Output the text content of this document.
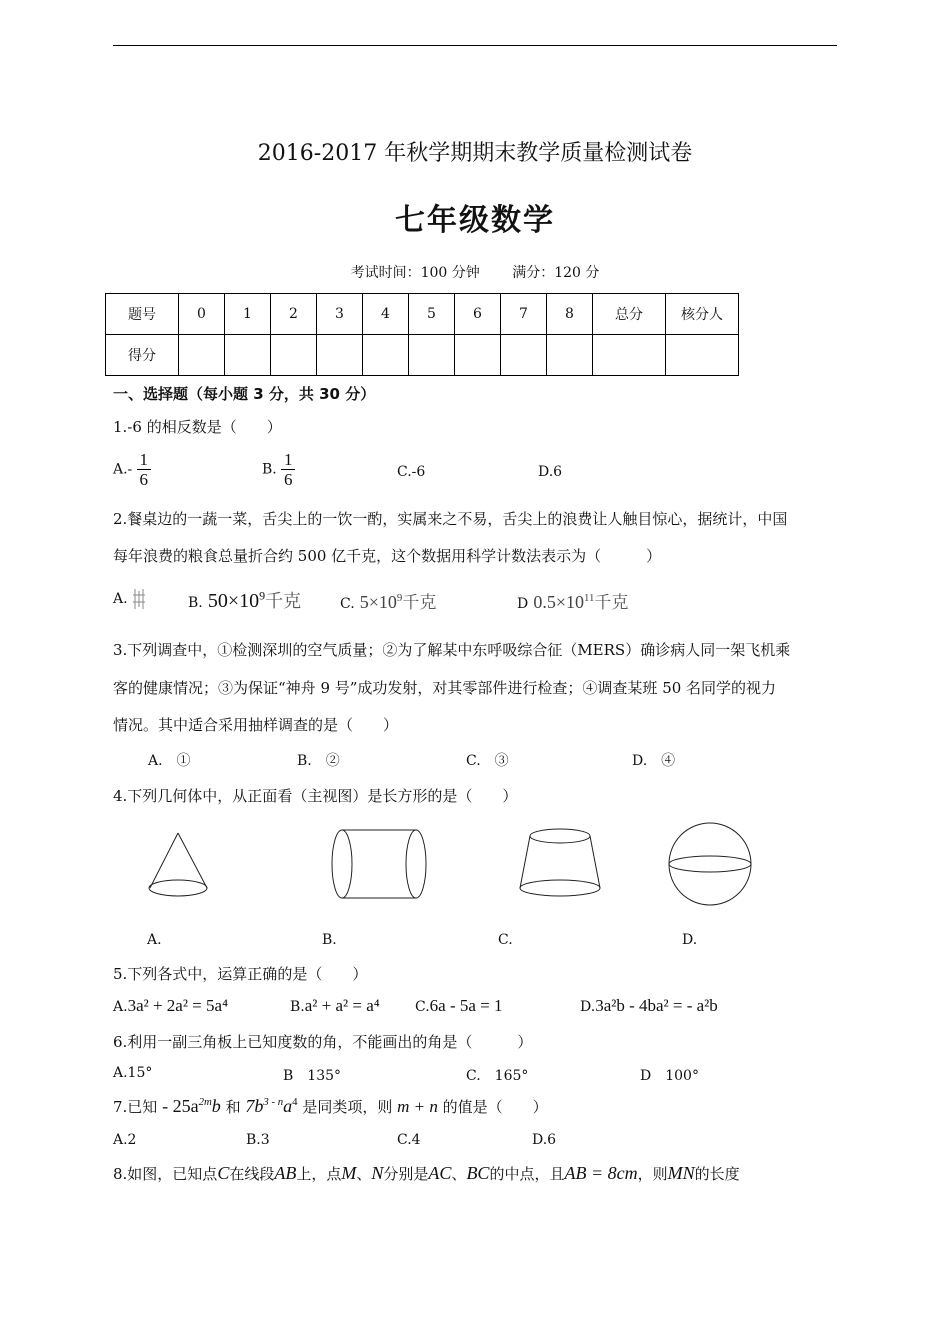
2016-2017 年秋学期期末教学质量检测试卷
七年级数学
考试时间：100 分钟 满分：120 分
题号	0	1	2	3	4	5	6	7	8	总分	核分人
得分											
一、选择题（每小题 3 分，共 30 分）
1.-6 的相反数是（　　）
$A.- \frac{1}{6}$	B. $\frac{1}{6}$	C.-6	D.6
2.餐桌边的一蔬一菜，舌尖上的一饮一酌，实属来之不易，舌尖上的浪费让人触目惊心，据统计，中国
每年浪费的粮食总量折合约 500 亿千克，这个数据用科学计数法表示为（　　　）
A.	B. $50\times 10^9$千克	C. $5\times 10^9$千克	D $0.5\times 10^{11}$千克
3.下列调查中，①检测深圳的空气质量；②为了解某中东呼吸综合征（MERS）确诊病人同一架飞机乘
客的健康情况；③为保证“神舟 9 号”成功发射，对其零部件进行检查；④调查某班 50 名同学的视力
情况。其中适合采用抽样调查的是（　　）
A.　①	B.　②	C.　③	D.　④
4.下列几何体中，从正面看（主视图）是长方形的是（　　）
A.	B.	C.	D.
5.下列各式中，运算正确的是（　　）
A.3a² + 2a² = 5a⁴	B.a² + a² = a⁴	C.6a - 5a = 1	D.3a²b - 4ba² = - a²b
6.利用一副三角板上已知度数的角，不能画出的角是（　　　）
A.15°	B　135°	C.　165°	D　100°
7.已知 - $25a^{2m}b$ 和 $7b^{3 - n}a^4$ 是同类项，则 m + n 的值是（　　）
A.2	B.3	C.4	D.6
8.如图，已知点C在线段AB上，点M、N分别是AC、BC的中点，且AB = 8cm，则MN的长度
